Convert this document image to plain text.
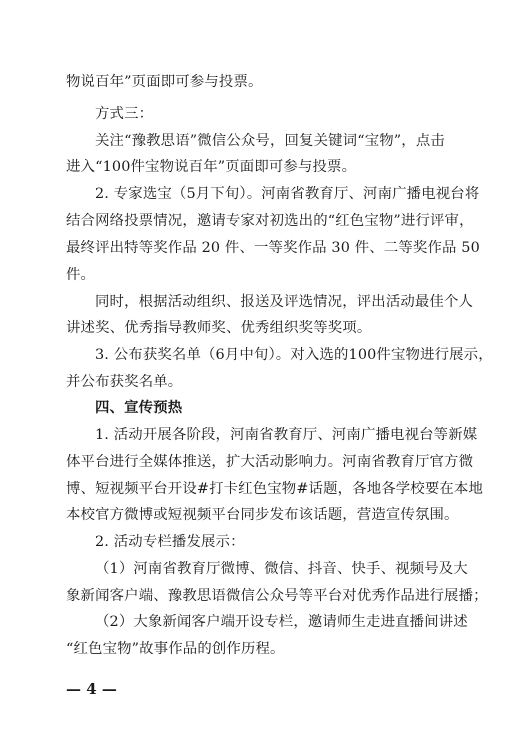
物说百年”页面即可参与投票。
方式三：
关注“豫教思语”微信公众号，回复关键词“宝物”，点击
进入“100件宝物说百年”页面即可参与投票。
2. 专家选宝（5月下旬）。河南省教育厅、河南广播电视台将
结合网络投票情况，邀请专家对初选出的“红色宝物”进行评审，
最终评出特等奖作品 20 件、一等奖作品 30 件、二等奖作品 50
件。
同时，根据活动组织、报送及评选情况，评出活动最佳个人
讲述奖、优秀指导教师奖、优秀组织奖等奖项。
3. 公布获奖名单（6月中旬）。对入选的100件宝物进行展示，
并公布获奖名单。
四、宣传预热
1. 活动开展各阶段，河南省教育厅、河南广播电视台等新媒
体平台进行全媒体推送，扩大活动影响力。河南省教育厅官方微
博、短视频平台开设#打卡红色宝物#话题，各地各学校要在本地
本校官方微博或短视频平台同步发布该话题，营造宣传氛围。
2. 活动专栏播发展示：
（1）河南省教育厅微博、微信、抖音、快手、视频号及大
象新闻客户端、豫教思语微信公众号等平台对优秀作品进行展播；
（2）大象新闻客户端开设专栏，邀请师生走进直播间讲述
“红色宝物”故事作品的创作历程。
— 4 —
